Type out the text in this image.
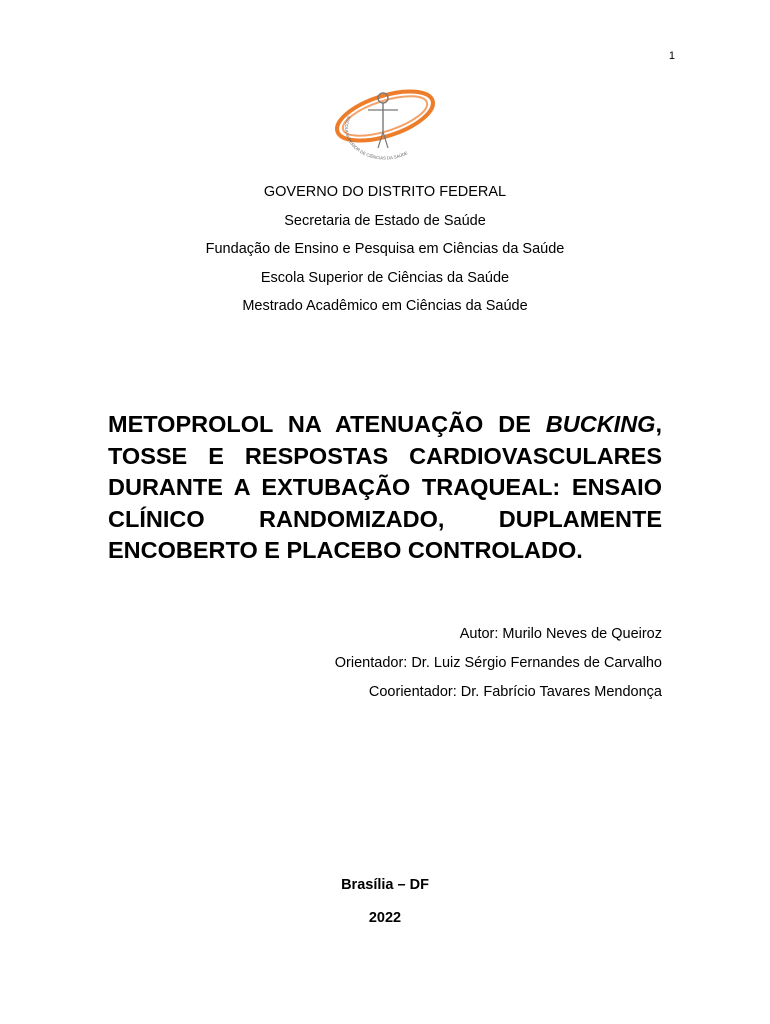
1
ESCOLA SUPERIOR DE CIÊNCIAS DA SAÚDE
GOVERNO DO DISTRITO FEDERAL
Secretaria de Estado de Saúde
Fundação de Ensino e Pesquisa em Ciências da Saúde
Escola Superior de Ciências da Saúde
Mestrado Acadêmico em Ciências da Saúde
METOPROLOL NA ATENUAÇÃO DE BUCKING,
TOSSE E RESPOSTAS CARDIOVASCULARES
DURANTE A EXTUBAÇÃO TRAQUEAL: ENSAIO
CLÍNICO RANDOMIZADO, DUPLAMENTE
ENCOBERTO E PLACEBO CONTROLADO.
Autor: Murilo Neves de Queiroz
Orientador: Dr. Luiz Sérgio Fernandes de Carvalho
Coorientador: Dr. Fabrício Tavares Mendonça
Brasília – DF
2022
